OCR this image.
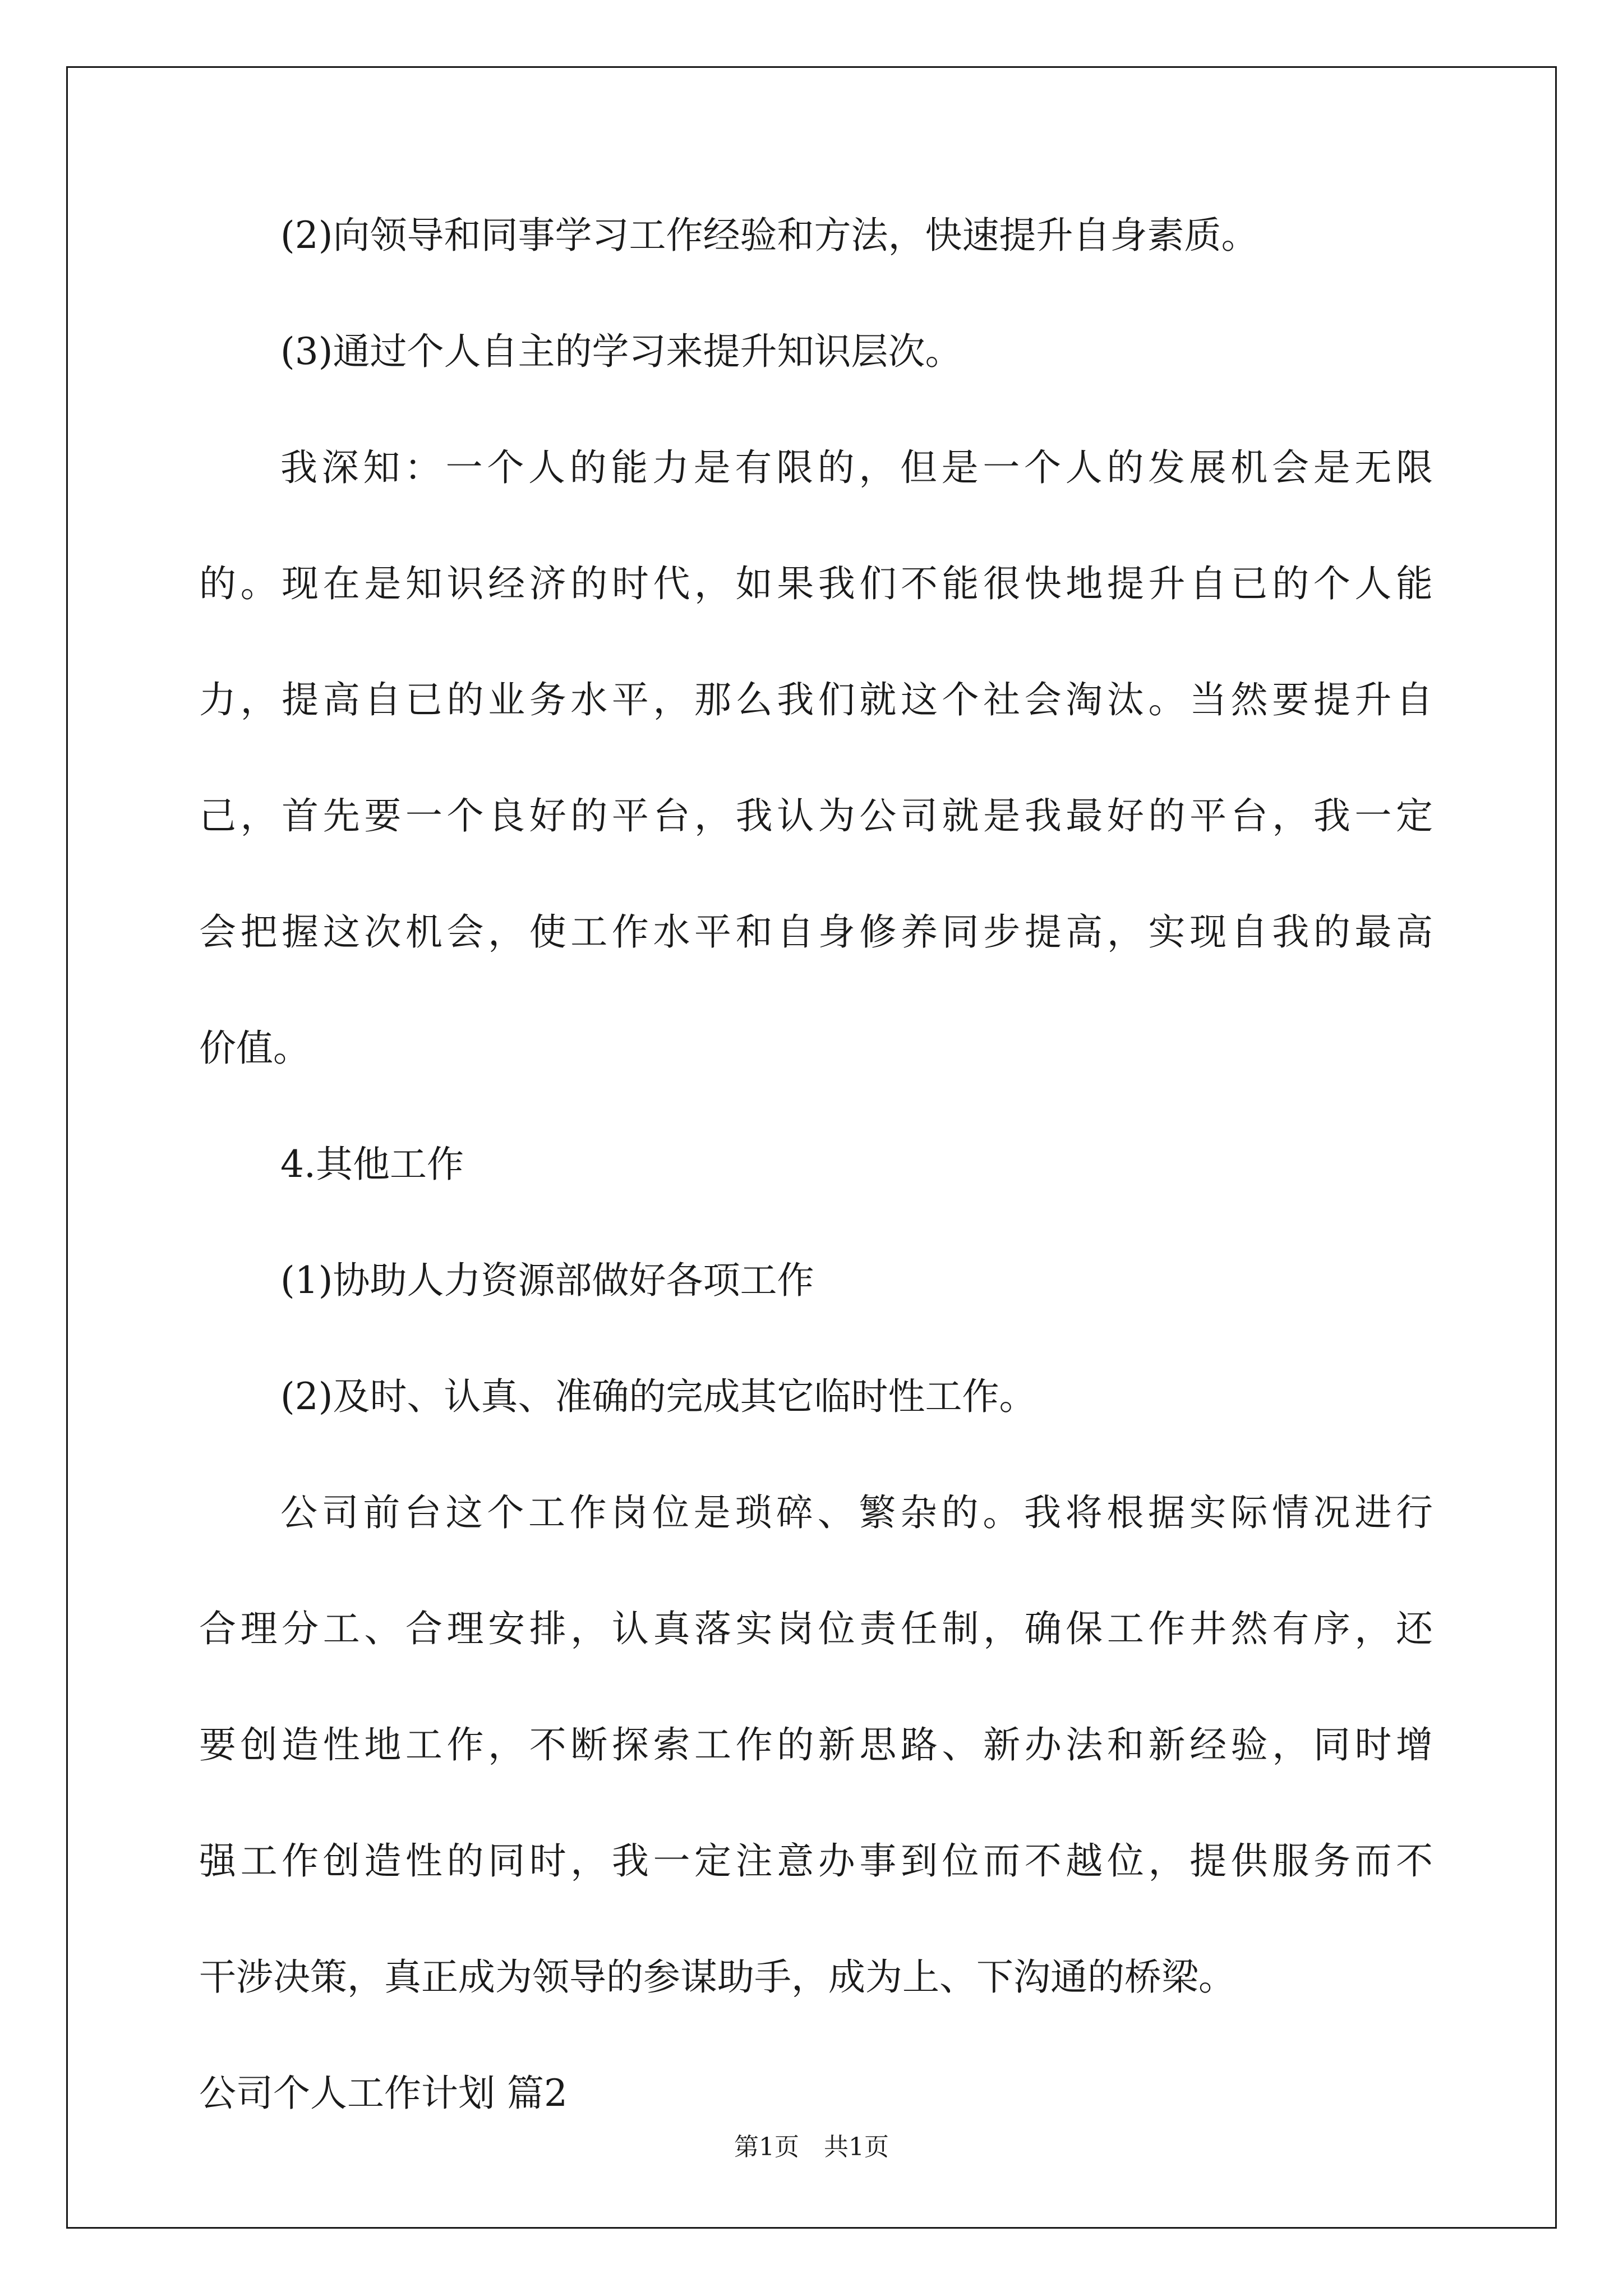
(2)向领导和同事学习工作经验和方法，快速提升自身素质。

(3)通过个人自主的学习来提升知识层次。

我深知：一个人的能力是有限的，但是一个人的发展机会是无限

的。现在是知识经济的时代，如果我们不能很快地提升自已的个人能

力，提高自已的业务水平，那么我们就这个社会淘汰。当然要提升自

己，首先要一个良好的平台，我认为公司就是我最好的平台，我一定

会把握这次机会，使工作水平和自身修养同步提高，实现自我的最高

价值。

4.其他工作

(1)协助人力资源部做好各项工作

(2)及时、认真、准确的完成其它临时性工作。

公司前台这个工作岗位是琐碎、繁杂的。我将根据实际情况进行

合理分工、合理安排，认真落实岗位责任制，确保工作井然有序，还

要创造性地工作，不断探索工作的新思路、新办法和新经验，同时增

强工作创造性的同时，我一定注意办事到位而不越位，提供服务而不

干涉决策，真正成为领导的参谋助手，成为上、下沟通的桥梁。

公司个人工作计划 篇2

第1页　共1页
